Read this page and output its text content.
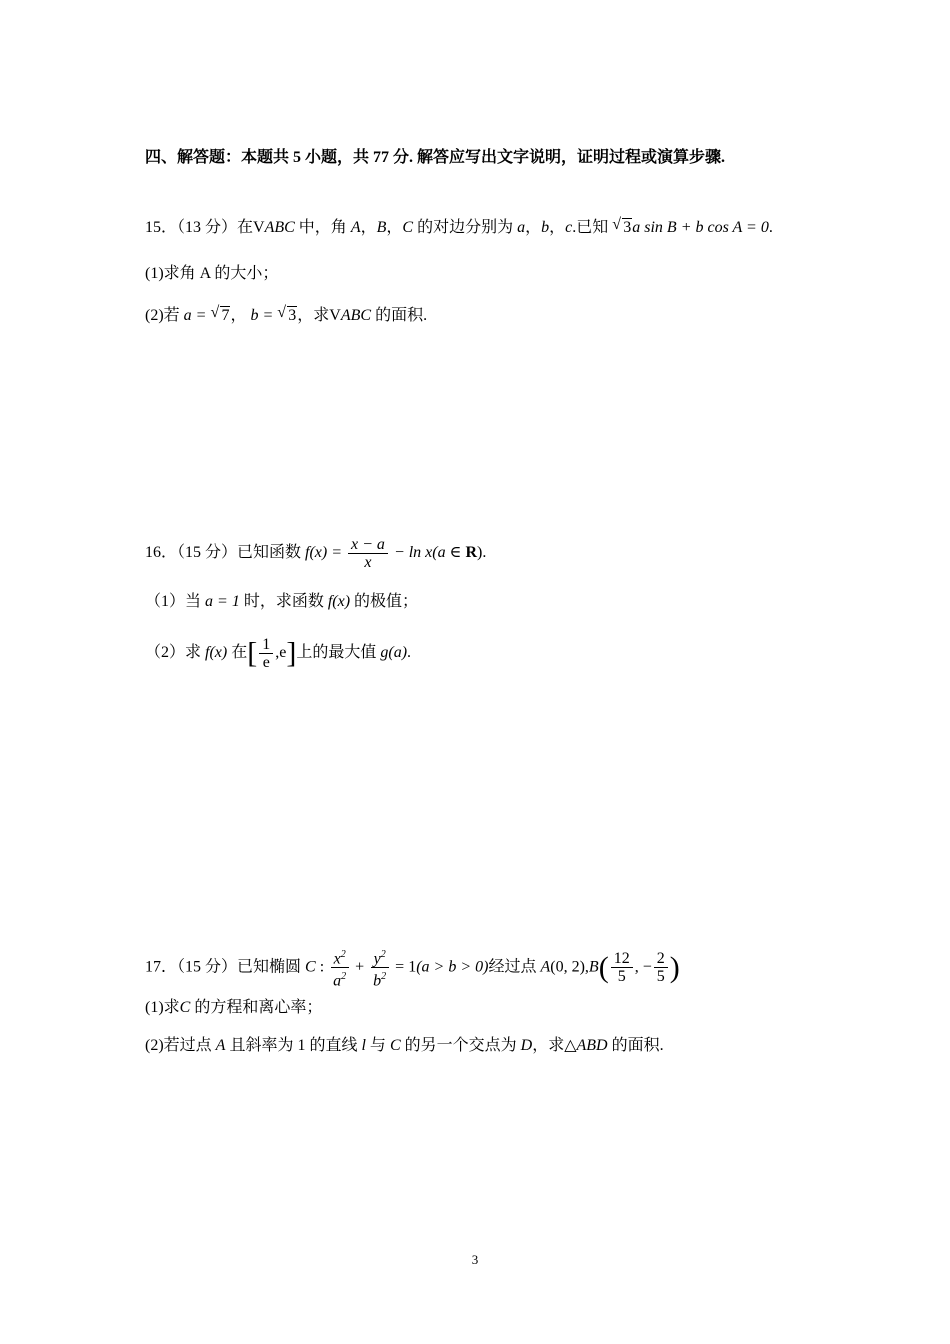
四、解答题：本题共 5 小题，共 77 分. 解答应写出文字说明，证明过程或演算步骤.
15．（13 分）在VABC 中，角 A，B，C 的对边分别为 a，b，c.已知 √ 3a sin B + b cos A = 0.
(1)求角 A 的大小；
(2)若 a = √ 7， b = √ 3，求VABC 的面积.
16．（15 分）已知函数 $f(x) = \frac{x - a}{x} - \ln x(a$ ∈ R).
（1）当 a = 1 时，求函数 f(x) 的极值；
（2）求 f(x) 在[ $\frac{1}{e} ,e$]上的最大值 g(a).
17．（15 分）已知椭圆 C : $\frac{x^2}{a^2} + \frac{y^2}{b^2} = 1(a > b > 0)$经过点 A(0, $2),B( \frac{12}{5}$ , − $\frac{2}{5}$ )
(1)求C 的方程和离心率；
(2)若过点 A 且斜率为 1 的直线 l 与 C 的另一个交点为 D，求△ABD 的面积.
3
